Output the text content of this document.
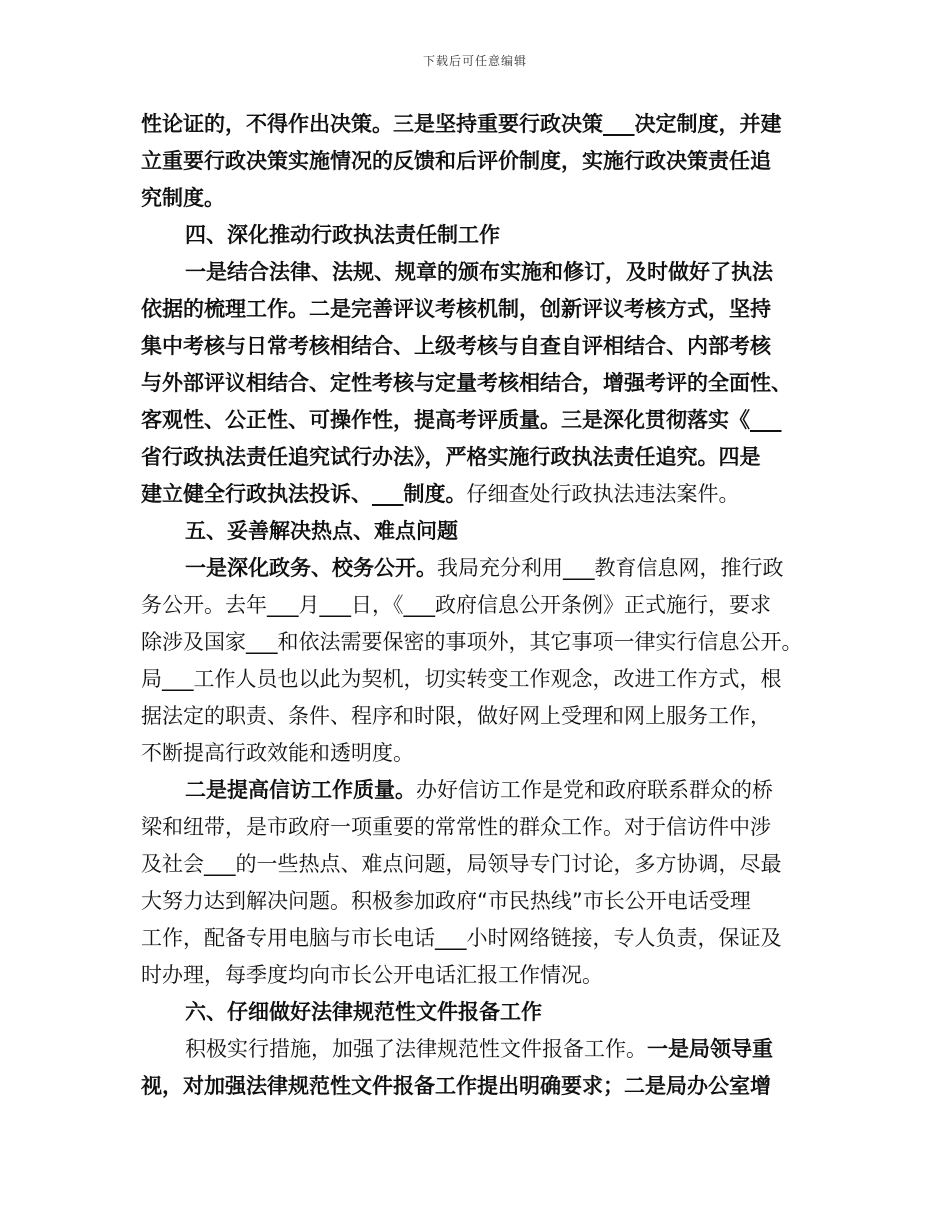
下载后可任意编辑
性论证的，不得作出决策。三是坚持重要行政决策___决定制度，并建
立重要行政决策实施情况的反馈和后评价制度，实施行政决策责任追
究制度。
四、深化推动行政执法责任制工作
一是结合法律、法规、规章的颁布实施和修订，及时做好了执法
依据的梳理工作。二是完善评议考核机制，创新评议考核方式，坚持
集中考核与日常考核相结合、上级考核与自查自评相结合、内部考核
与外部评议相结合、定性考核与定量考核相结合，增强考评的全面性、
客观性、公正性、可操作性，提高考评质量。三是深化贯彻落实《___
省行政执法责任追究试行办法》，严格实施行政执法责任追究。四是
建立健全行政执法投诉、___制度。仔细查处行政执法违法案件。
五、妥善解决热点、难点问题
一是深化政务、校务公开。我局充分利用___教育信息网，推行政
务公开。去年___月___日，《___政府信息公开条例》正式施行，要求
除涉及国家___和依法需要保密的事项外，其它事项一律实行信息公开。
局___工作人员也以此为契机，切实转变工作观念，改进工作方式，根
据法定的职责、条件、程序和时限，做好网上受理和网上服务工作，
不断提高行政效能和透明度。
二是提高信访工作质量。办好信访工作是党和政府联系群众的桥
梁和纽带，是市政府一项重要的常常性的群众工作。对于信访件中涉
及社会___的一些热点、难点问题，局领导专门讨论，多方协调，尽最
大努力达到解决问题。积极参加政府“市民热线”市长公开电话受理
工作，配备专用电脑与市长电话___小时网络链接，专人负责，保证及
时办理，每季度均向市长公开电话汇报工作情况。
六、仔细做好法律规范性文件报备工作
积极实行措施，加强了法律规范性文件报备工作。一是局领导重
视，对加强法律规范性文件报备工作提出明确要求；二是局办公室增
